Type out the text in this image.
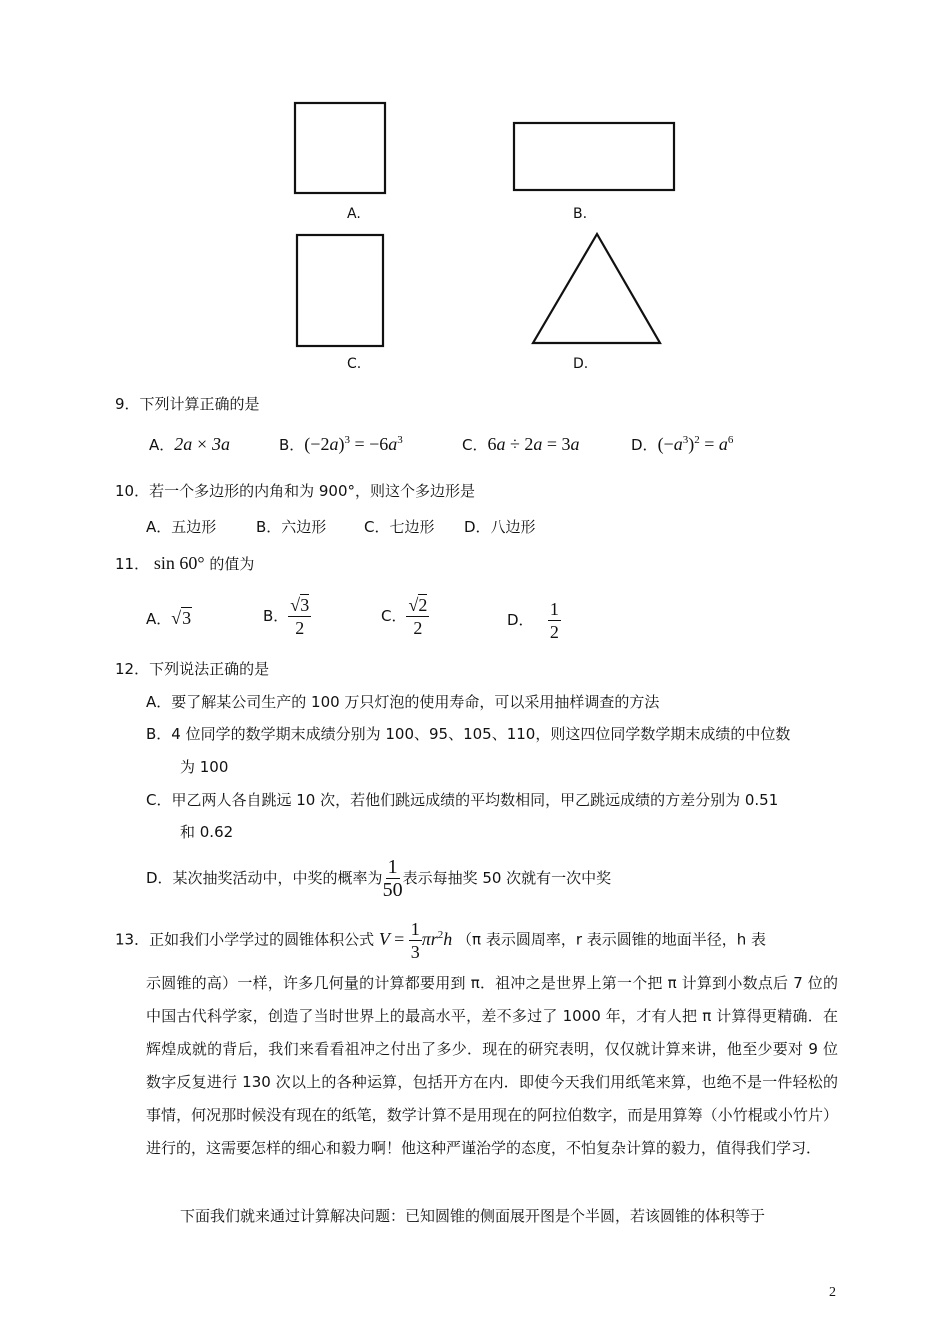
A.	B.
C.	D.
9．下列计算正确的是
A．2a × 3a	B．$(-2a)^3 = -6a^3$	C．6a ÷ 2a = 3a	D．$(-a^3)^2 = a^6$
10．若一个多边形的内角和为 900°，则这个多边形是
A．五边形	B．六边形	C．七边形 D．八边形
11． sin 60° 的值为
A．√3	B． $\frac{√3}{2}$	C． $\frac{√2}{2}$	D． $\frac{1}{2}$
12．下列说法正确的是
A．要了解某公司生产的 100 万只灯泡的使用寿命，可以采用抽样调查的方法
B．4 位同学的数学期末成绩分别为 100、95、105、110，则这四位同学数学期末成绩的中位数
为 100
C．甲乙两人各自跳远 10 次，若他们跳远成绩的平均数相同，甲乙跳远成绩的方差分别为 0.51
和 0.62
D．某次抽奖活动中，中奖的概率为 $\frac{1}{50}$ 表示每抽奖 50 次就有一次中奖
13．正如我们小学学过的圆锥体积公式 $V = \frac{1}{3} \pi r^2h$ （π 表示圆周率，r 表示圆锥的地面半径，h 表
示圆锥的高）一样，许多几何量的计算都要用到 π．祖冲之是世界上第一个把 π 计算到小数点后 7 位的中国古代科学家，创造了当时世界上的最高水平，差不多过了 1000 年，才有人把 π 计算得更精确．在辉煌成就的背后，我们来看看祖冲之付出了多少．现在的研究表明，仅仅就计算来讲，他至少要对 9 位数字反复进行 130 次以上的各种运算，包括开方在内．即使今天我们用纸笔来算，也绝不是一件轻松的事情，何况那时候没有现在的纸笔，数学计算不是用现在的阿拉伯数字，而是用算筹（小竹棍或小竹片）进行的，这需要怎样的细心和毅力啊！他这种严谨治学的态度，不怕复杂计算的毅力，值得我们学习．
下面我们就来通过计算解决问题：已知圆锥的侧面展开图是个半圆，若该圆锥的体积等于
2
